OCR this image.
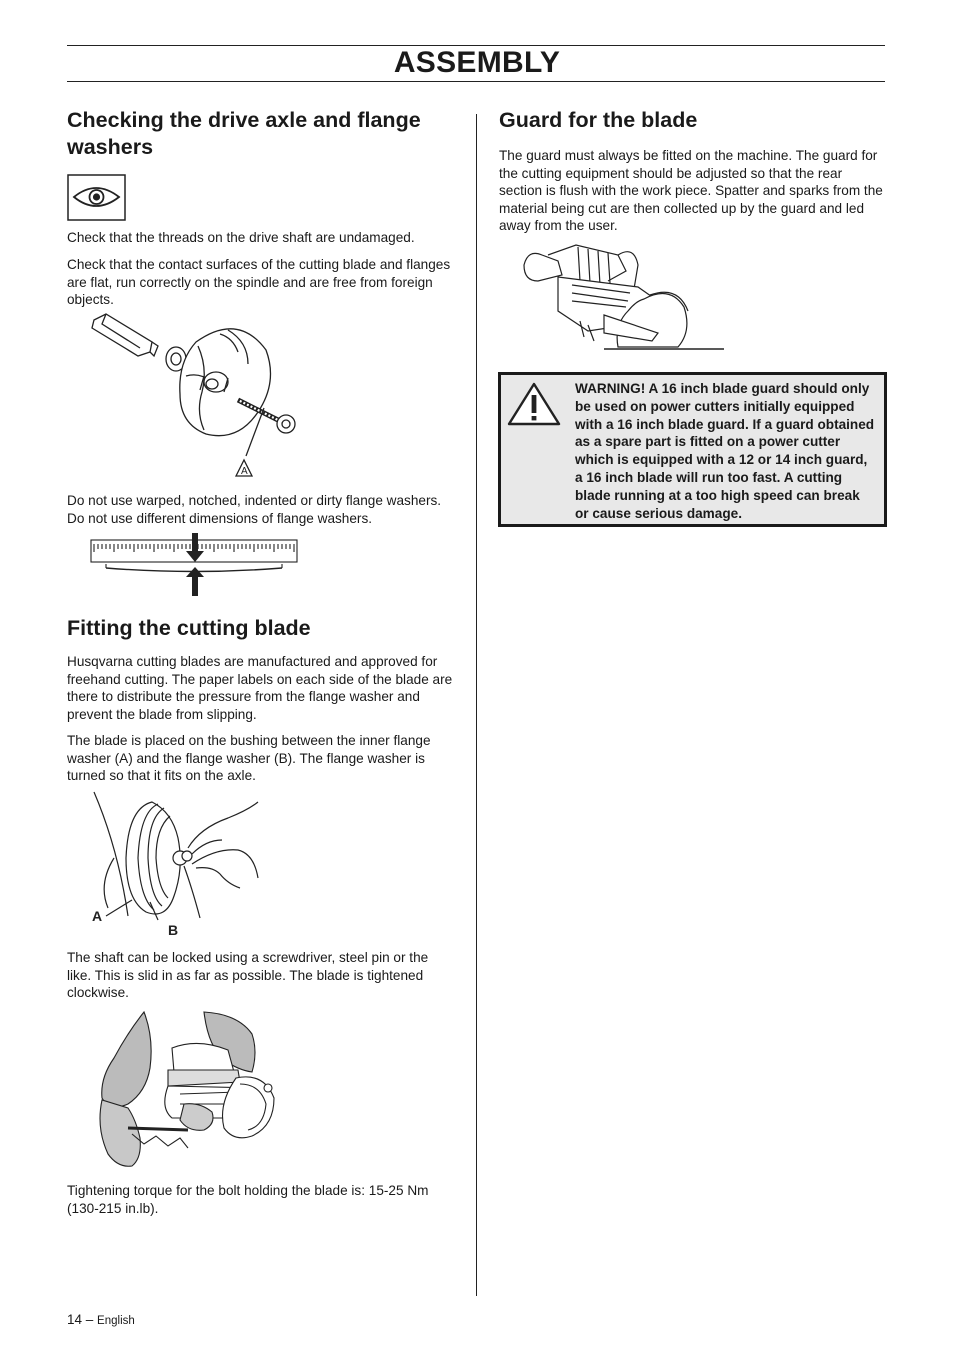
ASSEMBLY
Checking the drive axle and flange washers

Check that the threads on the drive shaft are undamaged.

Check that the contact surfaces of the cutting blade and flanges are flat, run correctly on the spindle and are free from foreign objects.

A

Do not use warped, notched, indented or dirty flange washers. Do not use different dimensions of flange washers.

Fitting the cutting blade

Husqvarna cutting blades are manufactured and approved for freehand cutting. The paper labels on each side of the blade are there to distribute the pressure from the flange washer and prevent the blade from slipping.

The blade is placed on the bushing between the inner flange washer (A) and the flange washer (B). The flange washer is turned so that it fits on the axle.

A
B

The shaft can be locked using a screwdriver, steel pin or the like. This is slid in as far as possible. The blade is tightened clockwise.

Tightening torque for the bolt holding the blade is: 15-25 Nm (130-215 in.lb).

Guard for the blade

The guard must always be fitted on the machine. The guard for the cutting equipment should be adjusted so that the rear section is flush with the work piece. Spatter and sparks from the material being cut are then collected up by the guard and led away from the user.

WARNING! A 16 inch blade guard should only be used on power cutters initially equipped with a 16 inch blade guard. If a guard obtained as a spare part is fitted on a power cutter which is equipped with a 12 or 14 inch guard, a 16 inch blade will run too fast. A cutting blade running at a too high speed can break or cause serious damage.

14 – English
